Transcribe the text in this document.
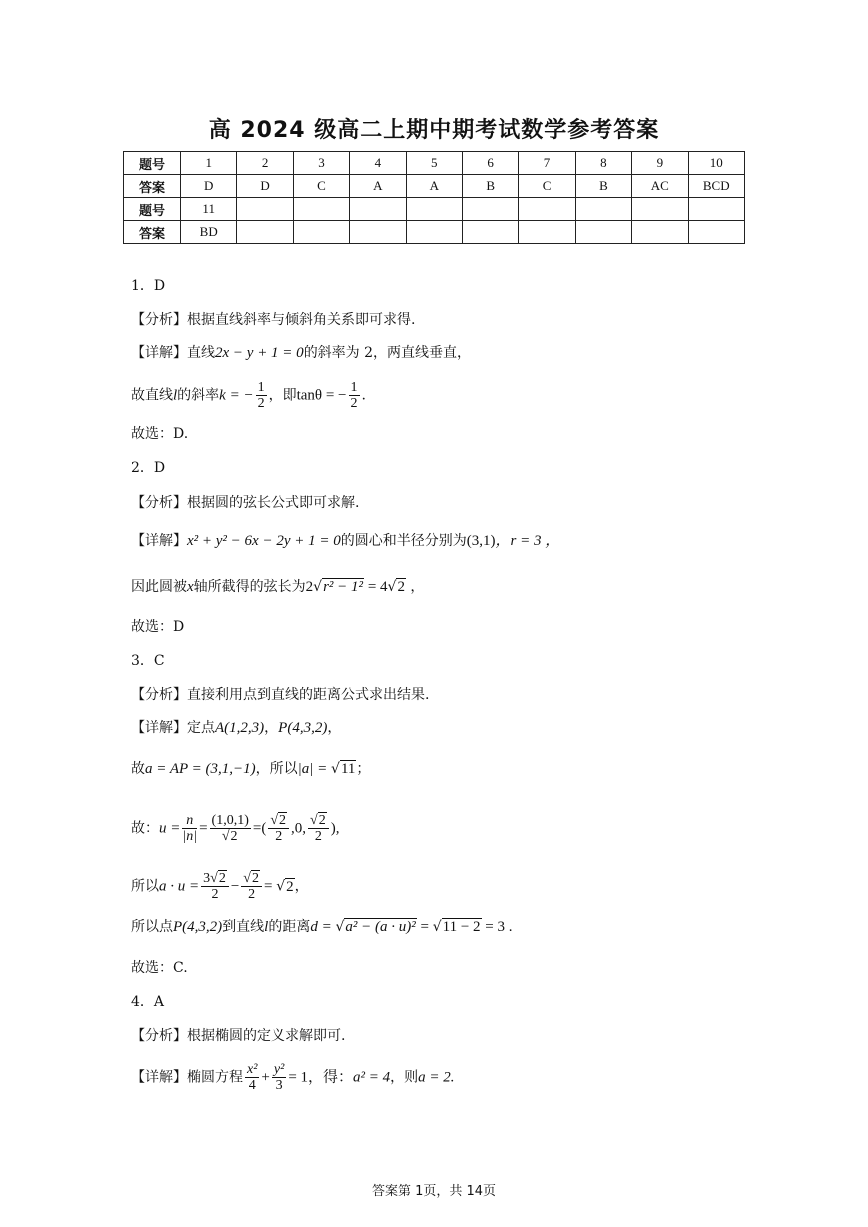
高 2024 级高二上期中期考试数学参考答案
题号	1	2	3	4	5	6	7	8	9	10
答案	D	D	C	A	A	B	C	B	AC	BCD
题号	11									
答案	BD									
1．D
【分析】根据直线斜率与倾斜角关系即可求得.
【详解】直线2x − y + 1 = 0的斜率为 2，两直线垂直，
故直线l的斜率k = − $\frac{1}{2}$ ，即tanθ = − $\frac{1}{2}$ .
故选：D.
2．D
【分析】根据圆的弦长公式即可求解.
【详解】x² + y² − 6x − 2y + 1 = 0的圆心和半径分别为(3,1)，r = 3 ，
因此圆被x轴所截得的弦长为2√r² − 1² = 4√2 ，
故选：D
3．C
【分析】直接利用点到直线的距离公式求出结果.
【详解】定点A(1,2,3)，P(4,3,2)，
故a = AP = (3,1,−1)，所以|a| = √11；
故：$u = \frac{n}{|n|} = \frac{(1,0,1)}{√2}$ =( $\frac{√2}{2} ,0$, $\frac{√2}{2}$ ),
所以$a \cdot u = \frac{3√2}{2} - \frac{√2}{2} = √2$，
所以点P(4,3,2)到直线l的距离d = √a² − (a · u)² = √11 − 2 = 3 .
故选：C.
4．A
【分析】根据椭圆的定义求解即可.
【详解】椭圆方程 $\frac{\text{x²}}{4} + \frac{\text{y²}}{3} = 1$，得：a² = 4，则a = 2.
答案第 1页，共 14页
